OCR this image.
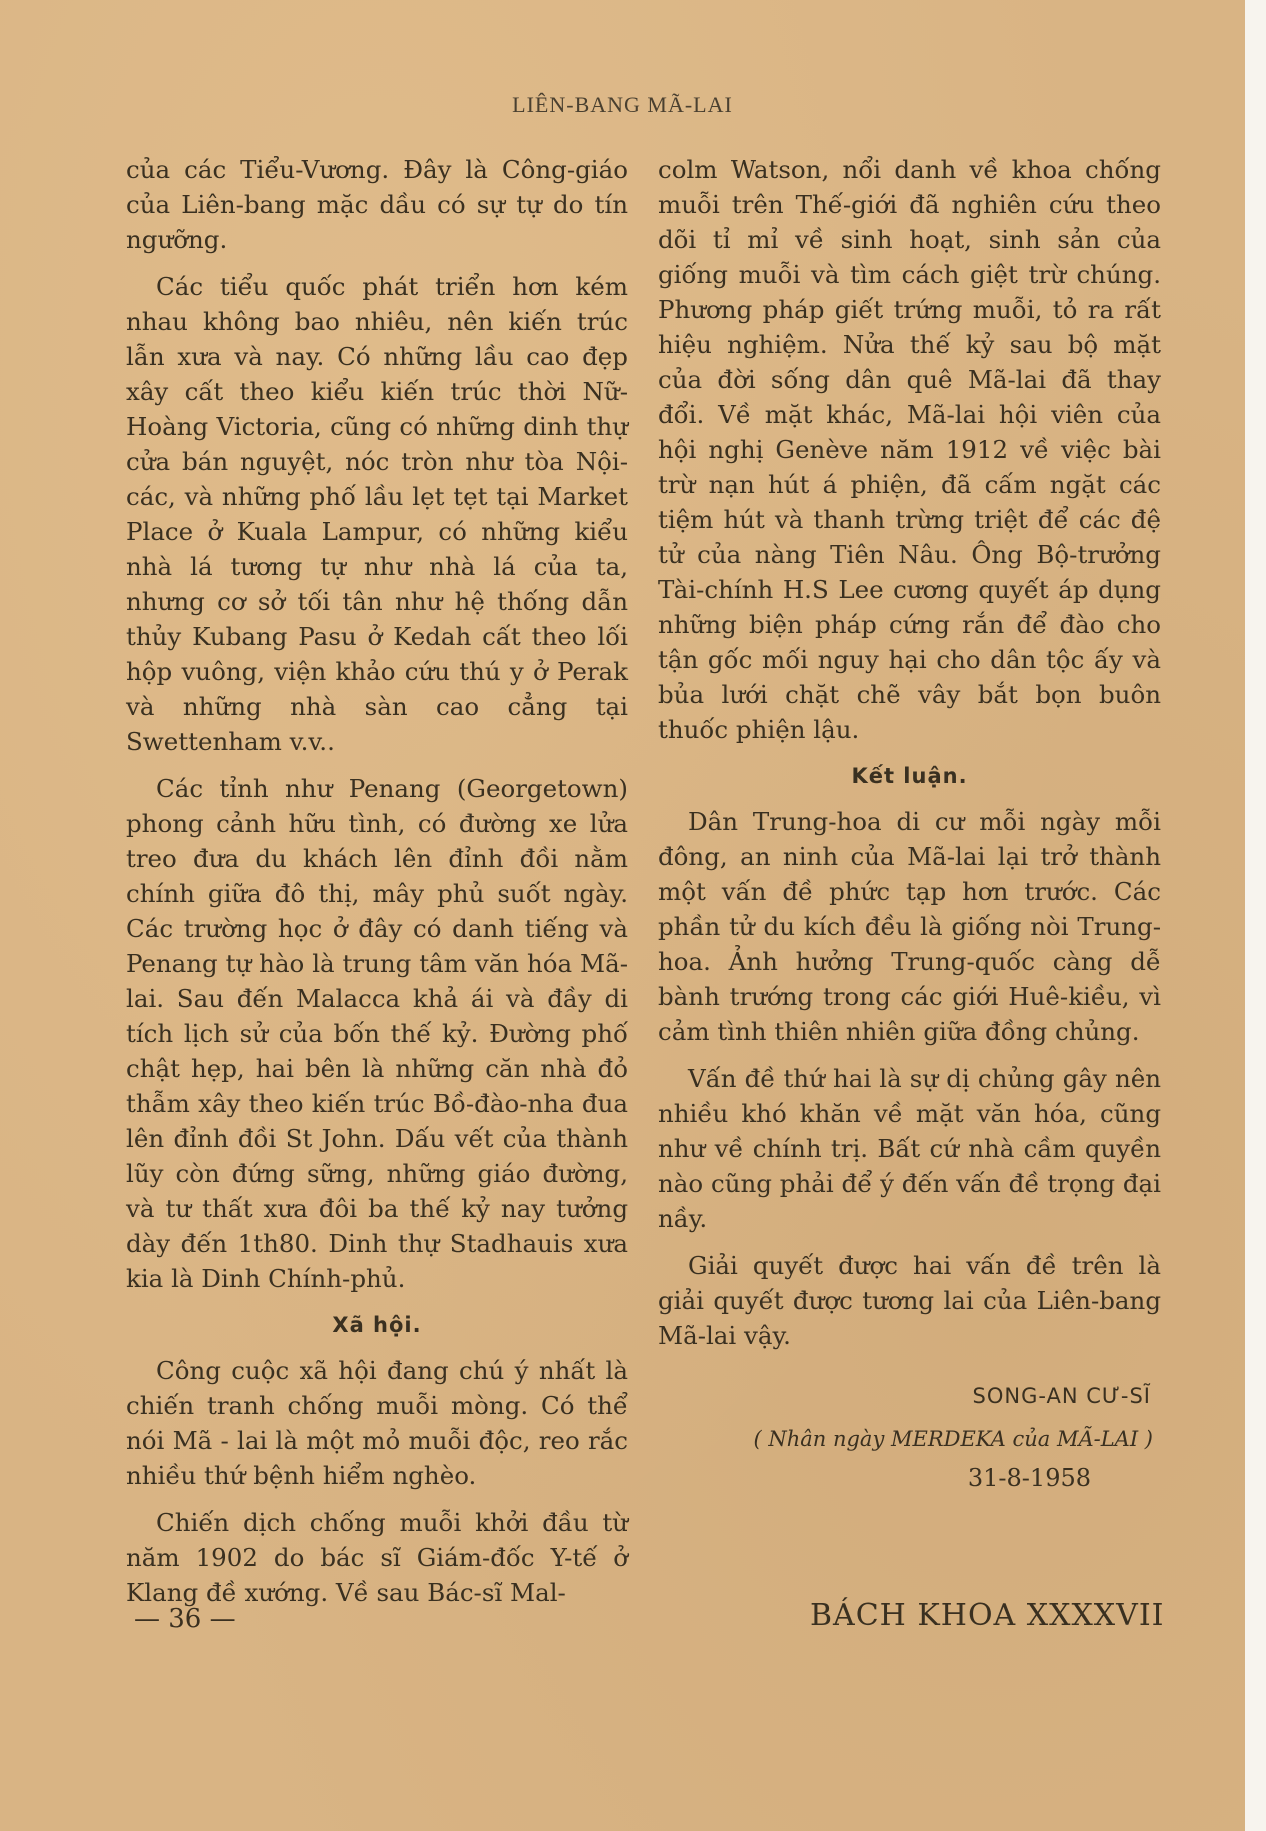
LIÊN-BANG MÃ-LAI

của các Tiểu-Vương. Đây là Công-giáo của Liên-bang mặc dầu có sự tự do tín ngưỡng.

Các tiểu quốc phát triển hơn kém nhau không bao nhiêu, nên kiến trúc lẫn xưa và nay. Có những lầu cao đẹp xây cất theo kiểu kiến trúc thời Nữ-Hoàng Victoria, cũng có những dinh thự cửa bán nguyệt, nóc tròn như tòa Nội-các, và những phố lầu lẹt tẹt tại Market Place ở Kuala Lampur, có những kiểu nhà lá tương tự như nhà lá của ta, nhưng cơ sở tối tân như hệ thống dẫn thủy Kubang Pasu ở Kedah cất theo lối hộp vuông, viện khảo cứu thú y ở Perak và những nhà sàn cao cẳng tại Swettenham v.v..

Các tỉnh như Penang (Georgetown) phong cảnh hữu tình, có đường xe lửa treo đưa du khách lên đỉnh đồi nằm chính giữa đô thị, mây phủ suốt ngày. Các trường học ở đây có danh tiếng và Penang tự hào là trung tâm văn hóa Mã-lai. Sau đến Malacca khả ái và đầy di tích lịch sử của bốn thế kỷ. Đường phố chật hẹp, hai bên là những căn nhà đỏ thẫm xây theo kiến trúc Bồ-đào-nha đua lên đỉnh đồi St John. Dấu vết của thành lũy còn đứng sững, những giáo đường, và tư thất xưa đôi ba thế kỷ nay tưởng dày đến 1th80. Dinh thự Stadhauis xưa kia là Dinh Chính-phủ.

Xã hội.

Công cuộc xã hội đang chú ý nhất là chiến tranh chống muỗi mòng. Có thể nói Mã - lai là một mỏ muỗi độc, reo rắc nhiều thứ bệnh hiểm nghèo.

Chiến dịch chống muỗi khởi đầu từ năm 1902 do bác sĩ Giám-đốc Y-tế ở Klang đề xướng. Về sau Bác-sĩ Mal-

colm Watson, nổi danh về khoa chống muỗi trên Thế-giới đã nghiên cứu theo dõi tỉ mỉ về sinh hoạt, sinh sản của giống muỗi và tìm cách giệt trừ chúng. Phương pháp giết trứng muỗi, tỏ ra rất hiệu nghiệm. Nửa thế kỷ sau bộ mặt của đời sống dân quê Mã-lai đã thay đổi. Về mặt khác, Mã-lai hội viên của hội nghị Genève năm 1912 về việc bài trừ nạn hút á phiện, đã cấm ngặt các tiệm hút và thanh trừng triệt để các đệ tử của nàng Tiên Nâu. Ông Bộ-trưởng Tài-chính H.S Lee cương quyết áp dụng những biện pháp cứng rắn để đào cho tận gốc mối nguy hại cho dân tộc ấy và bủa lưới chặt chẽ vây bắt bọn buôn thuốc phiện lậu.

Kết luận.

Dân Trung-hoa di cư mỗi ngày mỗi đông, an ninh của Mã-lai lại trở thành một vấn đề phức tạp hơn trước. Các phần tử du kích đều là giống nòi Trung-hoa. Ảnh hưởng Trung-quốc càng dễ bành trướng trong các giới Huê-kiều, vì cảm tình thiên nhiên giữa đồng chủng.

Vấn đề thứ hai là sự dị chủng gây nên nhiều khó khăn về mặt văn hóa, cũng như về chính trị. Bất cứ nhà cầm quyền nào cũng phải để ý đến vấn đề trọng đại nầy.

Giải quyết được hai vấn đề trên là giải quyết được tương lai của Liên-bang Mã-lai vậy.

SONG-AN CƯ-SĨ
( Nhân ngày MERDEKA của MÃ-LAI )
31-8-1958
— 36 —	BÁCH KHOA XXXXVII
